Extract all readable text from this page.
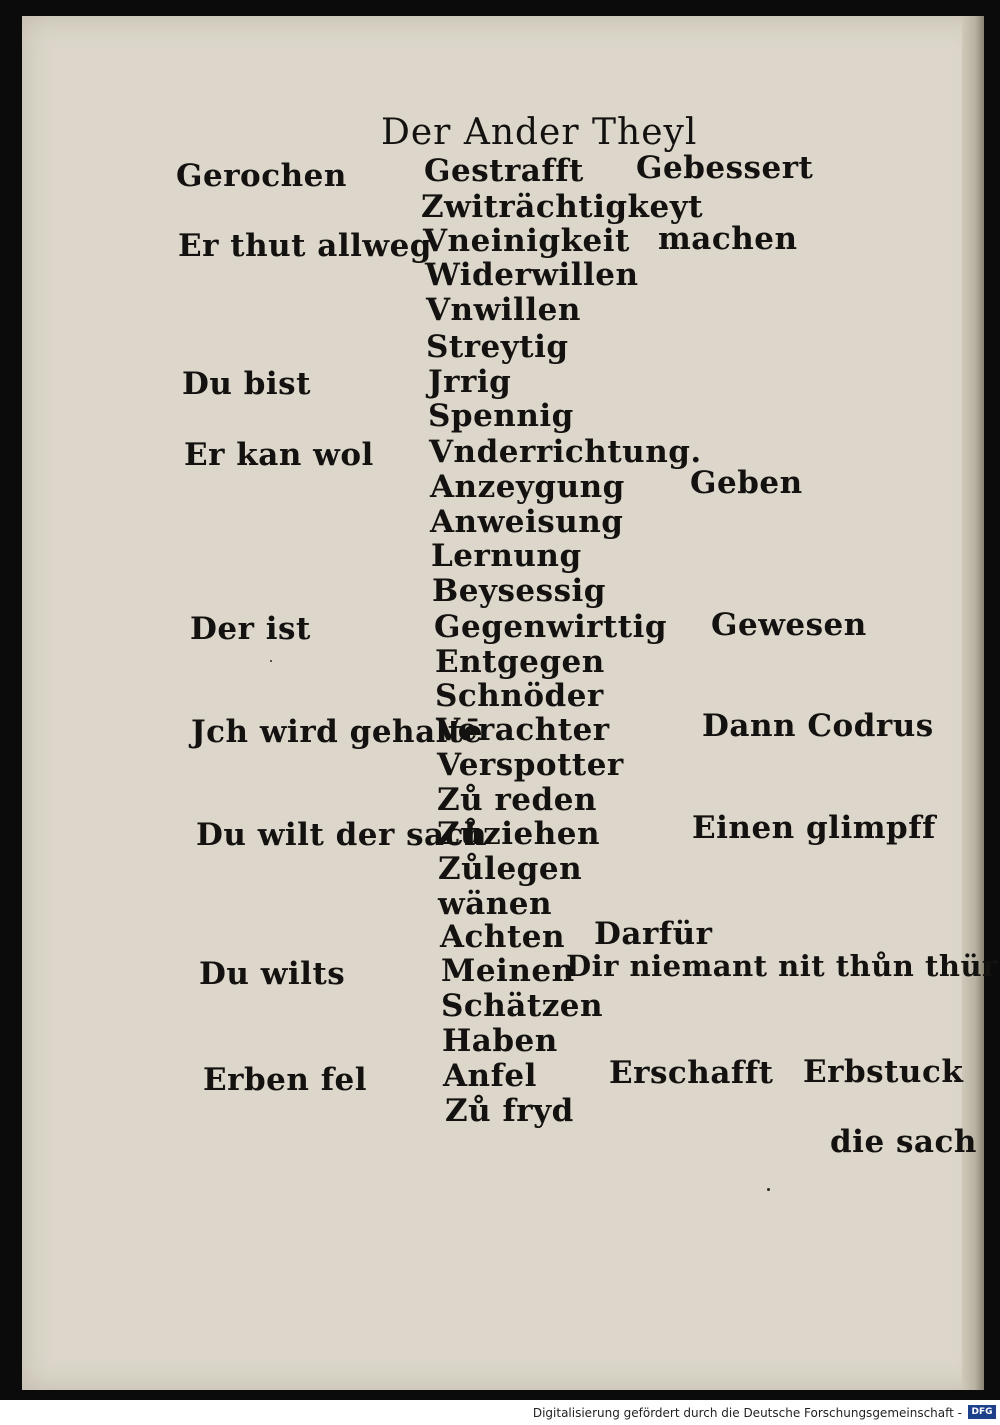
Der Ander Theyl
Gerochen
Er thut allweg
Du bist
Er kan wol
Der ist
Jch wird gehaltē
Du wilt der sach
Du wilts
Erben fel
Gestrafft
Zwiträchtigkeyt
Vneinigkeit
Widerwillen
Vnwillen
Streytig
Jrrig
Spennig
Vnderrichtung.
Anzeygung
Anweisung
Lernung
Beysessig
Gegenwirttig
Entgegen
Schnöder
Verachter
Verspotter
Zů reden
Zůziehen
Zůlegen
wänen
Achten
Meinen
Schätzen
Haben
Anfel
Zů fryd
Gebessert
machen
Geben
Gewesen
Dann Codrus
Einen glimpff
Darfür
Dir niemant nit thůn thür
Erschafft Erbstuck
die sach
Digitalisierung gefördert durch die Deutsche Forschungsgemeinschaft -	DFG
